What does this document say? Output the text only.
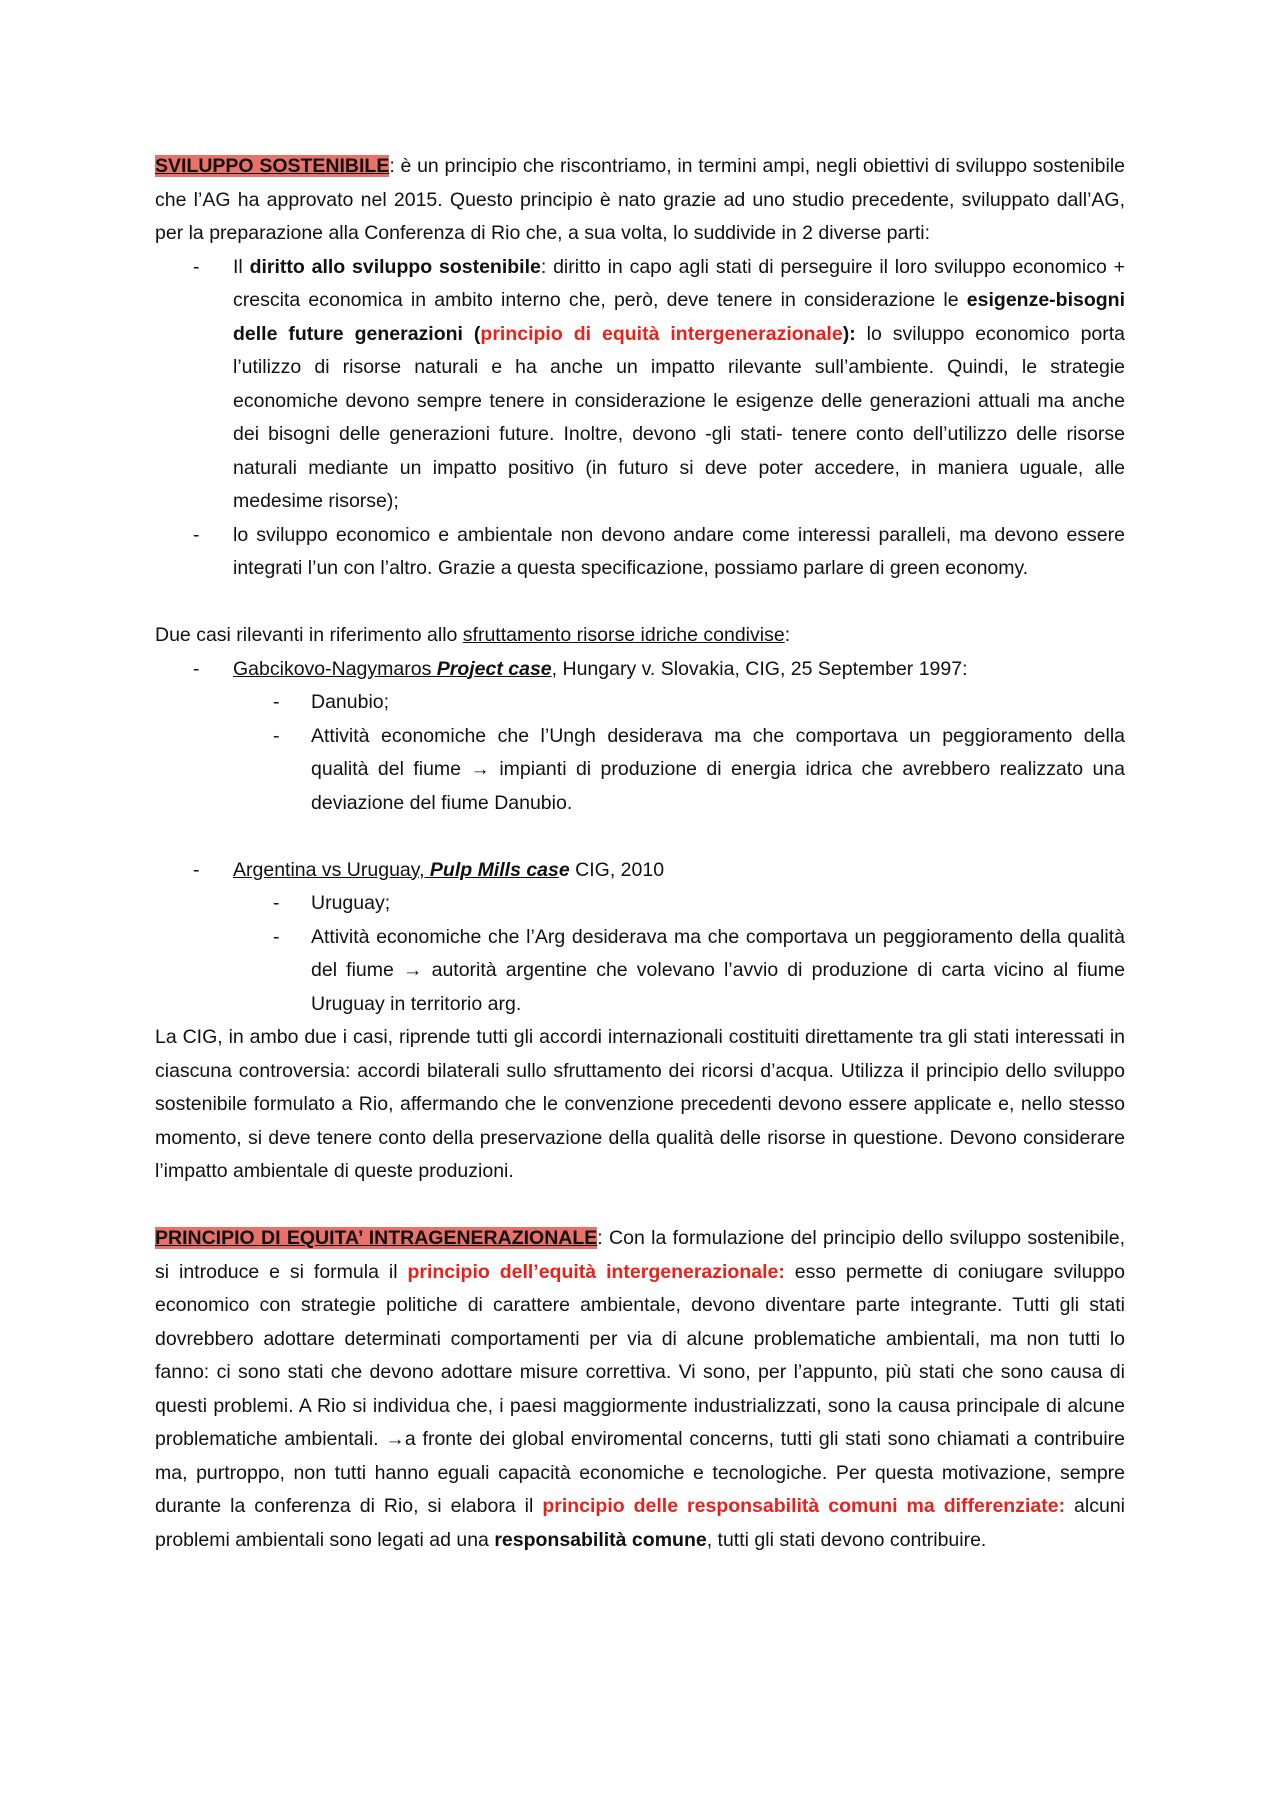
SVILUPPO SOSTENIBILE: è un principio che riscontriamo, in termini ampi, negli obiettivi di sviluppo sostenibile che l’AG ha approvato nel 2015. Questo principio è nato grazie ad uno studio precedente, sviluppato dall’AG, per la preparazione alla Conferenza di Rio che, a sua volta, lo suddivide in 2 diverse parti:

- Il diritto allo sviluppo sostenibile: diritto in capo agli stati di perseguire il loro sviluppo economico + crescita economica in ambito interno che, però, deve tenere in considerazione le esigenze-bisogni delle future generazioni (principio di equità intergenerazionale): lo sviluppo economico porta l’utilizzo di risorse naturali e ha anche un impatto rilevante sull’ambiente. Quindi, le strategie economiche devono sempre tenere in considerazione le esigenze delle generazioni attuali ma anche dei bisogni delle generazioni future. Inoltre, devono -gli stati- tenere conto dell’utilizzo delle risorse naturali mediante un impatto positivo (in futuro si deve poter accedere, in maniera uguale, alle medesime risorse);
- lo sviluppo economico e ambientale non devono andare come interessi paralleli, ma devono essere integrati l’un con l’altro. Grazie a questa specificazione, possiamo parlare di green economy.

Due casi rilevanti in riferimento allo sfruttamento risorse idriche condivise:

- Gabcikovo-Nagymaros Project case, Hungary v. Slovakia, CIG, 25 September 1997:
- Danubio;
- Attività economiche che l’Ungh desiderava ma che comportava un peggioramento della qualità del fiume → impianti di produzione di energia idrica che avrebbero realizzato una deviazione del fiume Danubio.
- Argentina vs Uruguay, Pulp Mills case CIG, 2010
- Uruguay;
- Attività economiche che l’Arg desiderava ma che comportava un peggioramento della qualità del fiume → autorità argentine che volevano l’avvio di produzione di carta vicino al fiume Uruguay in territorio arg.

La CIG, in ambo due i casi, riprende tutti gli accordi internazionali costituiti direttamente tra gli stati interessati in ciascuna controversia: accordi bilaterali sullo sfruttamento dei ricorsi d’acqua. Utilizza il principio dello sviluppo sostenibile formulato a Rio, affermando che le convenzione precedenti devono essere applicate e, nello stesso momento, si deve tenere conto della preservazione della qualità delle risorse in questione. Devono considerare l’impatto ambientale di queste produzioni.

PRINCIPIO DI EQUITA’ INTRAGENERAZIONALE: Con la formulazione del principio dello sviluppo sostenibile, si introduce e si formula il principio dell’equità intergenerazionale: esso permette di coniugare sviluppo economico con strategie politiche di carattere ambientale, devono diventare parte integrante. Tutti gli stati dovrebbero adottare determinati comportamenti per via di alcune problematiche ambientali, ma non tutti lo fanno: ci sono stati che devono adottare misure correttiva. Vi sono, per l’appunto, più stati che sono causa di questi problemi. A Rio si individua che, i paesi maggiormente industrializzati, sono la causa principale di alcune problematiche ambientali. →a fronte dei global enviromental concerns, tutti gli stati sono chiamati a contribuire ma, purtroppo, non tutti hanno eguali capacità economiche e tecnologiche. Per questa motivazione, sempre durante la conferenza di Rio, si elabora il principio delle responsabilità comuni ma differenziate: alcuni problemi ambientali sono legati ad una responsabilità comune, tutti gli stati devono contribuire.
